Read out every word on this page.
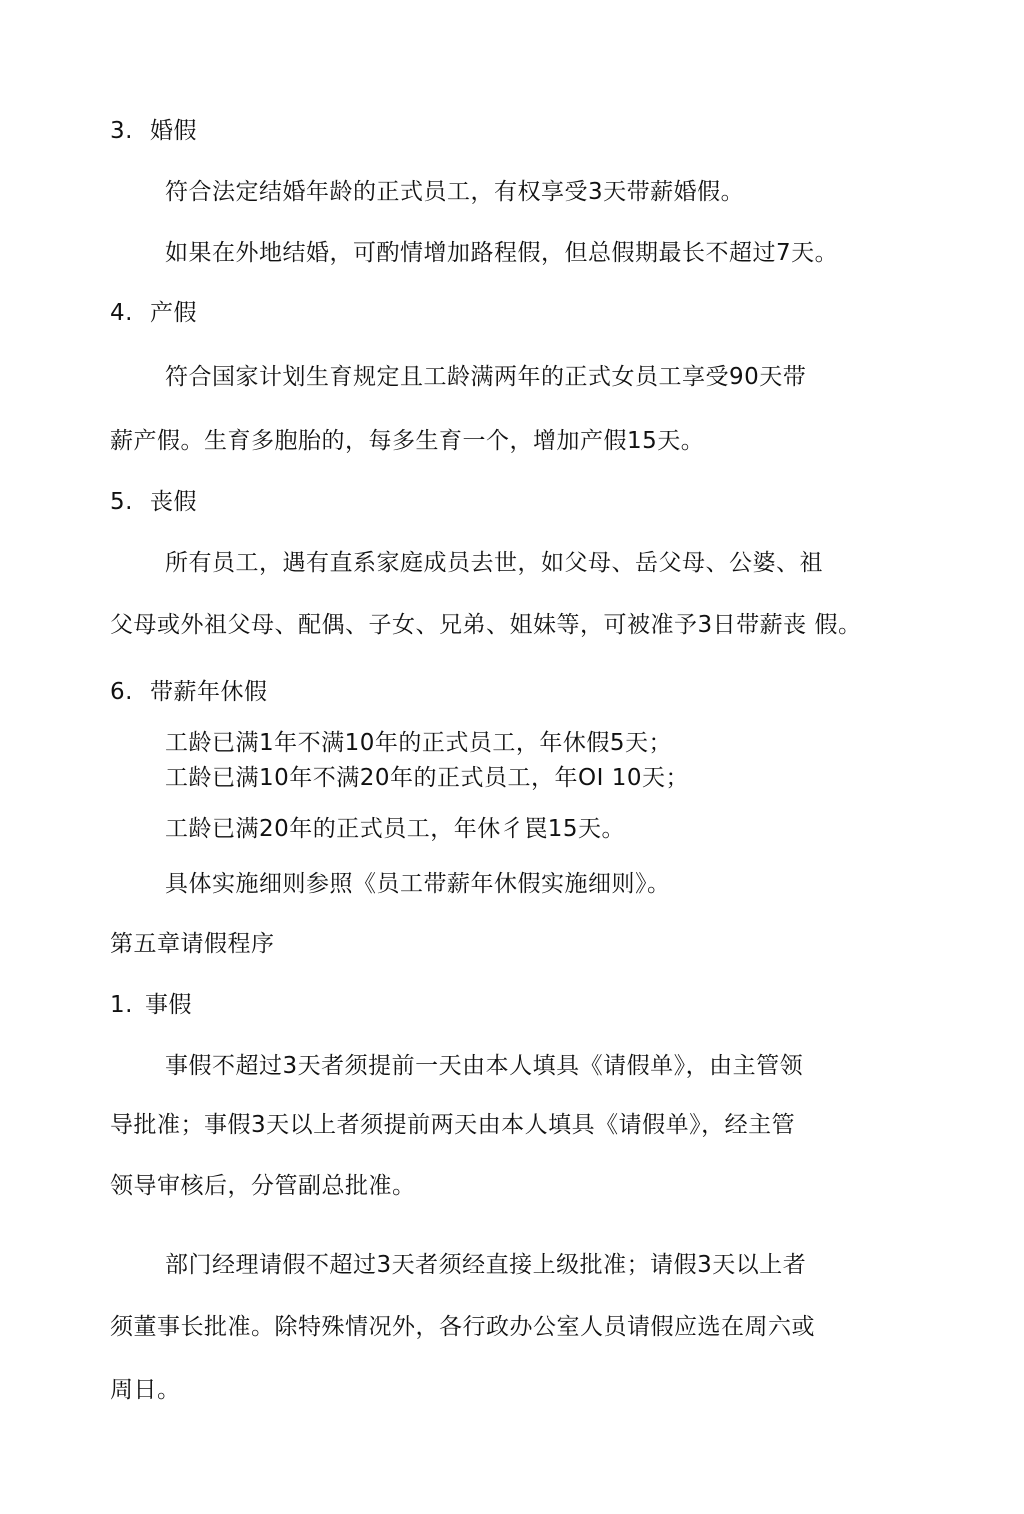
3. 婚假
符合法定结婚年龄的正式员工，有权享受3天带薪婚假。
如果在外地结婚，可酌情增加路程假，但总假期最长不超过7天。
4. 产假
符合国家计划生育规定且工龄满两年的正式女员工享受90天带
薪产假。生育多胞胎的，每多生育一个，增加产假15天。
5. 丧假
所有员工，遇有直系家庭成员去世，如父母、岳父母、公婆、祖
父母或外祖父母、配偶、子女、兄弟、姐妹等，可被准予3日带薪丧 假。
6. 带薪年休假
工龄已满1年不满10年的正式员工，年休假5天；
工龄已满10年不满20年的正式员工，年OI 10天；
工龄已满20年的正式员工，年休彳罠15天。
具体实施细则参照《员工带薪年休假实施细则》。
第五章请假程序
1. 事假
事假不超过3天者须提前一天由本人填具《请假单》，由主管领
导批准；事假3天以上者须提前两天由本人填具《请假单》，经主管
领导审核后，分管副总批准。
部门经理请假不超过3天者须经直接上级批准；请假3天以上者
须董事长批准。除特殊情况外，各行政办公室人员请假应选在周六或
周日。
